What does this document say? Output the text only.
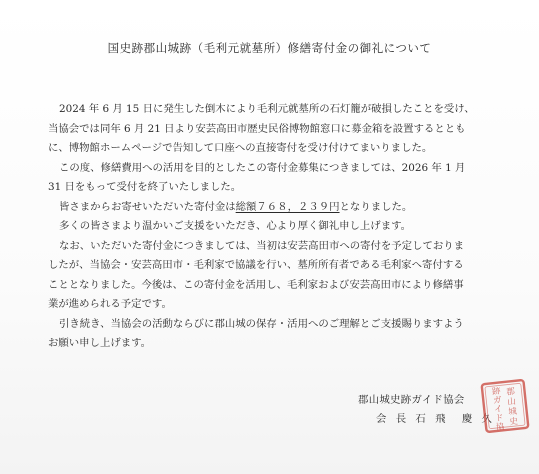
国史跡郡山城跡（毛利元就墓所）修繕寄付金の御礼について
2024 年 6 月 15 日に発生した倒木により毛利元就墓所の石灯籠が破損したことを受け、
当協会では同年 6 月 21 日より安芸高田市歴史民俗博物館窓口に募金箱を設置するととも
に、博物館ホームページで告知して口座への直接寄付を受け付けてまいりました。
この度、修繕費用への活用を目的としたこの寄付金募集につきましては、2026 年 1 月
31 日をもって受付を終了いたしました。
皆さまからお寄せいただいた寄付金は総額７６８，２３９円となりました。
多くの皆さまより温かいご支援をいただき、心より厚く御礼申し上げます。
なお、いただいた寄付金につきましては、当初は安芸高田市への寄付を予定しておりま
したが、当協会・安芸高田市・毛利家で協議を行い、墓所所有者である毛利家へ寄付する
こととなりました。今後は、この寄付金を活用し、毛利家および安芸高田市により修繕事
業が進められる予定です。
引き続き、当協会の活動ならびに郡山城の保存・活用へのご理解とご支援賜りますよう
お願い申し上げます。
郡山城史跡ガイド協会
会 長 石 飛　慶 久
郡
山
城
史
跡
ガ
イ
ド
協
